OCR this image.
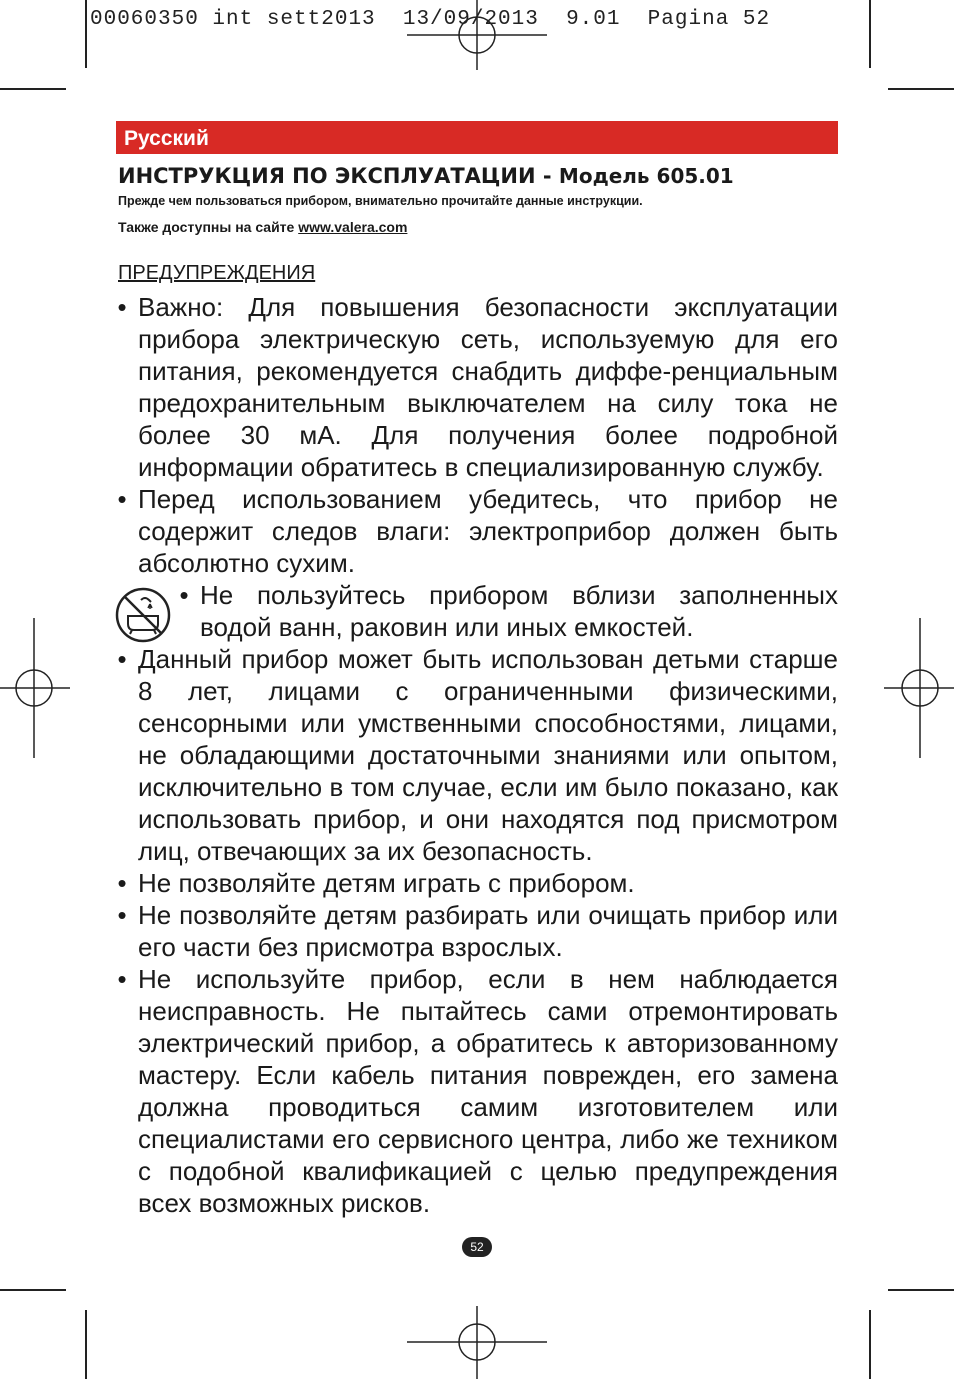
00060350 int sett2013  13/09/2013  9.01  Pagina 52
Русский
ИНСТРУКЦИЯ ПО ЭКСПЛУАТАЦИИ - Модель 605.01
Прежде чем пользоваться прибором, внимательно прочитайте данные инструкции.
Также доступны на сайте www.valera.com
ПРЕДУПРЕЖДЕНИЯ
• Важно: Для повышения безопасности эксплуатации прибора электрическую сеть, используемую для его питания, рекомендуется снабдить диффе-ренциальным предохранительным выключателем на силу тока не более 30 мА. Для получения более подробной информации обратитесь в специализированную службу.
• Перед использованием убедитесь, что прибор не содержит следов влаги: электроприбор должен быть абсолютно сухим.
• Не пользуйтесь прибором вблизи заполненных водой ванн, раковин или иных емкостей.
• Данный прибор может быть использован детьми старше 8 лет, лицами с ограниченными физическими, сенсорными или умственными способностями, лицами, не обладающими достаточными знаниями или опытом, исключительно в том случае, если им было показано, как использовать прибор, и они находятся под присмотром лиц, отвечающих за их безопасность.
• Не позволяйте детям играть с прибором.
• Не позволяйте детям разбирать или очищать прибор или его части без присмотра взрослых.
• Не используйте прибор, если в нем наблюдается неисправность. Не пытайтесь сами отремонтировать электрический прибор, а обратитесь к авторизованному мастеру. Если кабель питания поврежден, его замена должна проводиться самим изготовителем или специалистами его сервисного центра, либо же техником с подобной квалификацией с целью предупреждения всех возможных рисков.
52
